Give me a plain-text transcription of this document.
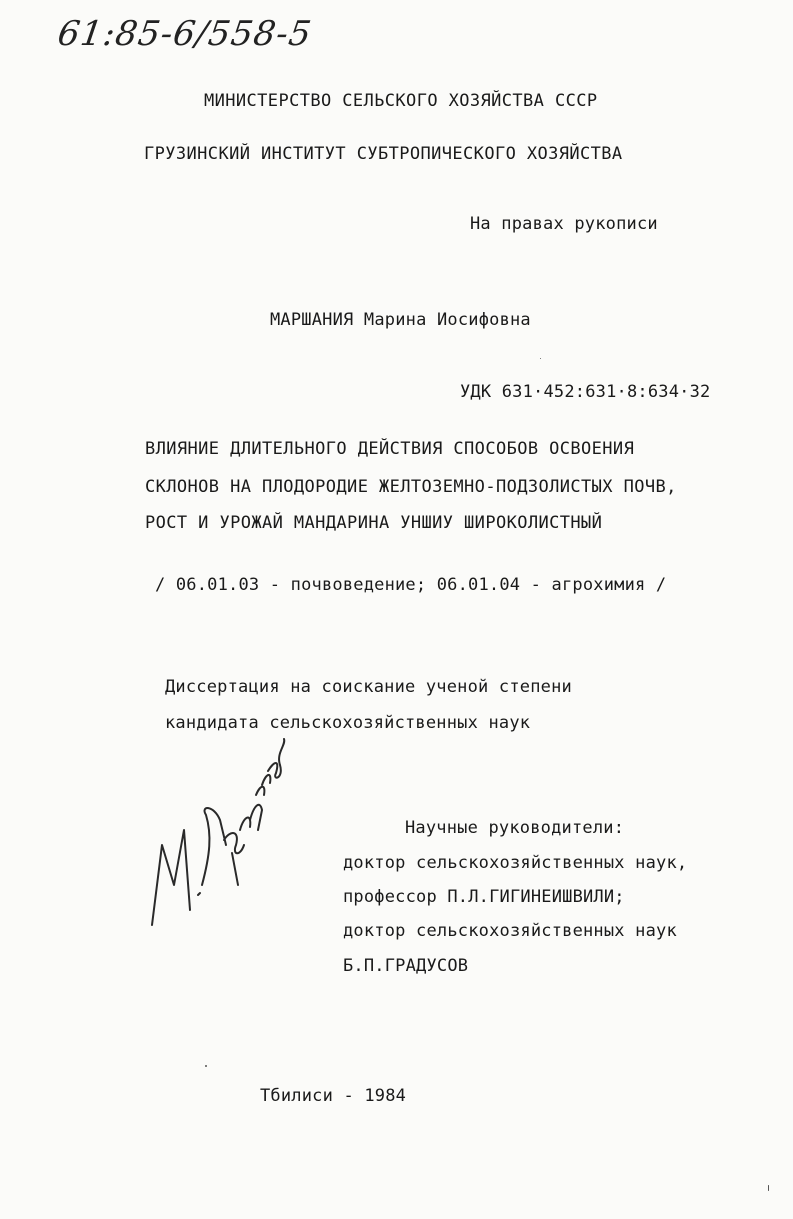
61:85-6/558-5
МИНИСТЕРСТВО СЕЛЬСКОГО ХОЗЯЙСТВА СССР
ГРУЗИНСКИЙ ИНСТИТУТ СУБТРОПИЧЕСКОГО ХОЗЯЙСТВА
На правах рукописи
МАРШАНИЯ Марина Иосифовна
УДК 631·452:631·8:634·32
ВЛИЯНИЕ ДЛИТЕЛЬНОГО ДЕЙСТВИЯ СПОСОБОВ ОСВОЕНИЯ
СКЛОНОВ НА ПЛОДОРОДИЕ ЖЕЛТОЗЕМНО-ПОДЗОЛИСТЫХ ПОЧВ,
РОСТ И УРОЖАЙ МАНДАРИНА УНШИУ ШИРОКОЛИСТНЫЙ
/ 06.01.03 - почвоведение; 06.01.04 - агрохимия /
Диссертация на соискание ученой степени
кандидата сельскохозяйственных наук
Научные руководители:
доктор сельскохозяйственных наук,
профессор П.Л.ГИГИНЕИШВИЛИ;
доктор сельскохозяйственных наук
Б.П.ГРАДУСОВ
Тбилиси - 1984
